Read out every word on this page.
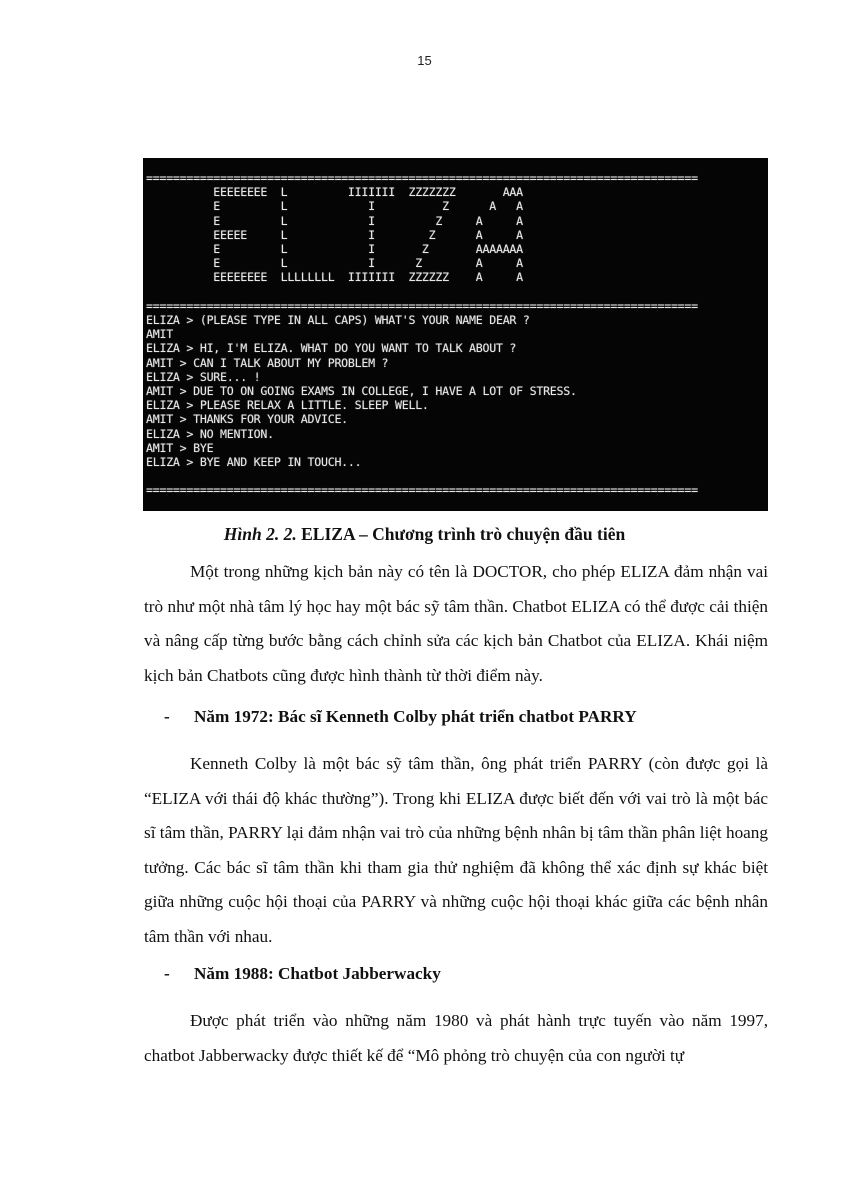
15
==================================================================================
EEEEEEEE  L         IIIIIII  ZZZZZZZ       AAA
E         L            I          Z      A   A
E         L            I         Z     A     A
EEEEE     L            I        Z      A     A
E         L            I       Z       AAAAAAA
E         L            I      Z        A     A
EEEEEEEE  LLLLLLLL  IIIIIII  ZZZZZZ    A     A

==================================================================================
ELIZA > (PLEASE TYPE IN ALL CAPS) WHAT'S YOUR NAME DEAR ?
AMIT
ELIZA > HI, I'M ELIZA. WHAT DO YOU WANT TO TALK ABOUT ?
AMIT > CAN I TALK ABOUT MY PROBLEM ?
ELIZA > SURE... !
AMIT > DUE TO ON GOING EXAMS IN COLLEGE, I HAVE A LOT OF STRESS.
ELIZA > PLEASE RELAX A LITTLE. SLEEP WELL.
AMIT > THANKS FOR YOUR ADVICE.
ELIZA > NO MENTION.
AMIT > BYE
ELIZA > BYE AND KEEP IN TOUCH...

==================================================================================
Hình 2. 2. ELIZA – Chương trình trò chuyện đầu tiên

Một trong những kịch bản này có tên là DOCTOR, cho phép ELIZA đảm nhận vai trò như một nhà tâm lý học hay một bác sỹ tâm thần. Chatbot ELIZA có thể được cải thiện và nâng cấp từng bước bằng cách chỉnh sửa các kịch bản Chatbot của ELIZA. Khái niệm kịch bản Chatbots cũng được hình thành từ thời điểm này.

- Năm 1972: Bác sĩ Kenneth Colby phát triển chatbot PARRY

Kenneth Colby là một bác sỹ tâm thần, ông phát triển PARRY (còn được gọi là “ELIZA với thái độ khác thường”). Trong khi ELIZA được biết đến với vai trò là một bác sĩ tâm thần, PARRY lại đảm nhận vai trò của những bệnh nhân bị tâm thần phân liệt hoang tưởng. Các bác sĩ tâm thần khi tham gia thử nghiệm đã không thể xác định sự khác biệt giữa những cuộc hội thoại của PARRY và những cuộc hội thoại khác giữa các bệnh nhân tâm thần với nhau.

- Năm 1988: Chatbot Jabberwacky

Được phát triển vào những năm 1980 và phát hành trực tuyến vào năm 1997, chatbot Jabberwacky được thiết kế để “Mô phỏng trò chuyện của con người tự
